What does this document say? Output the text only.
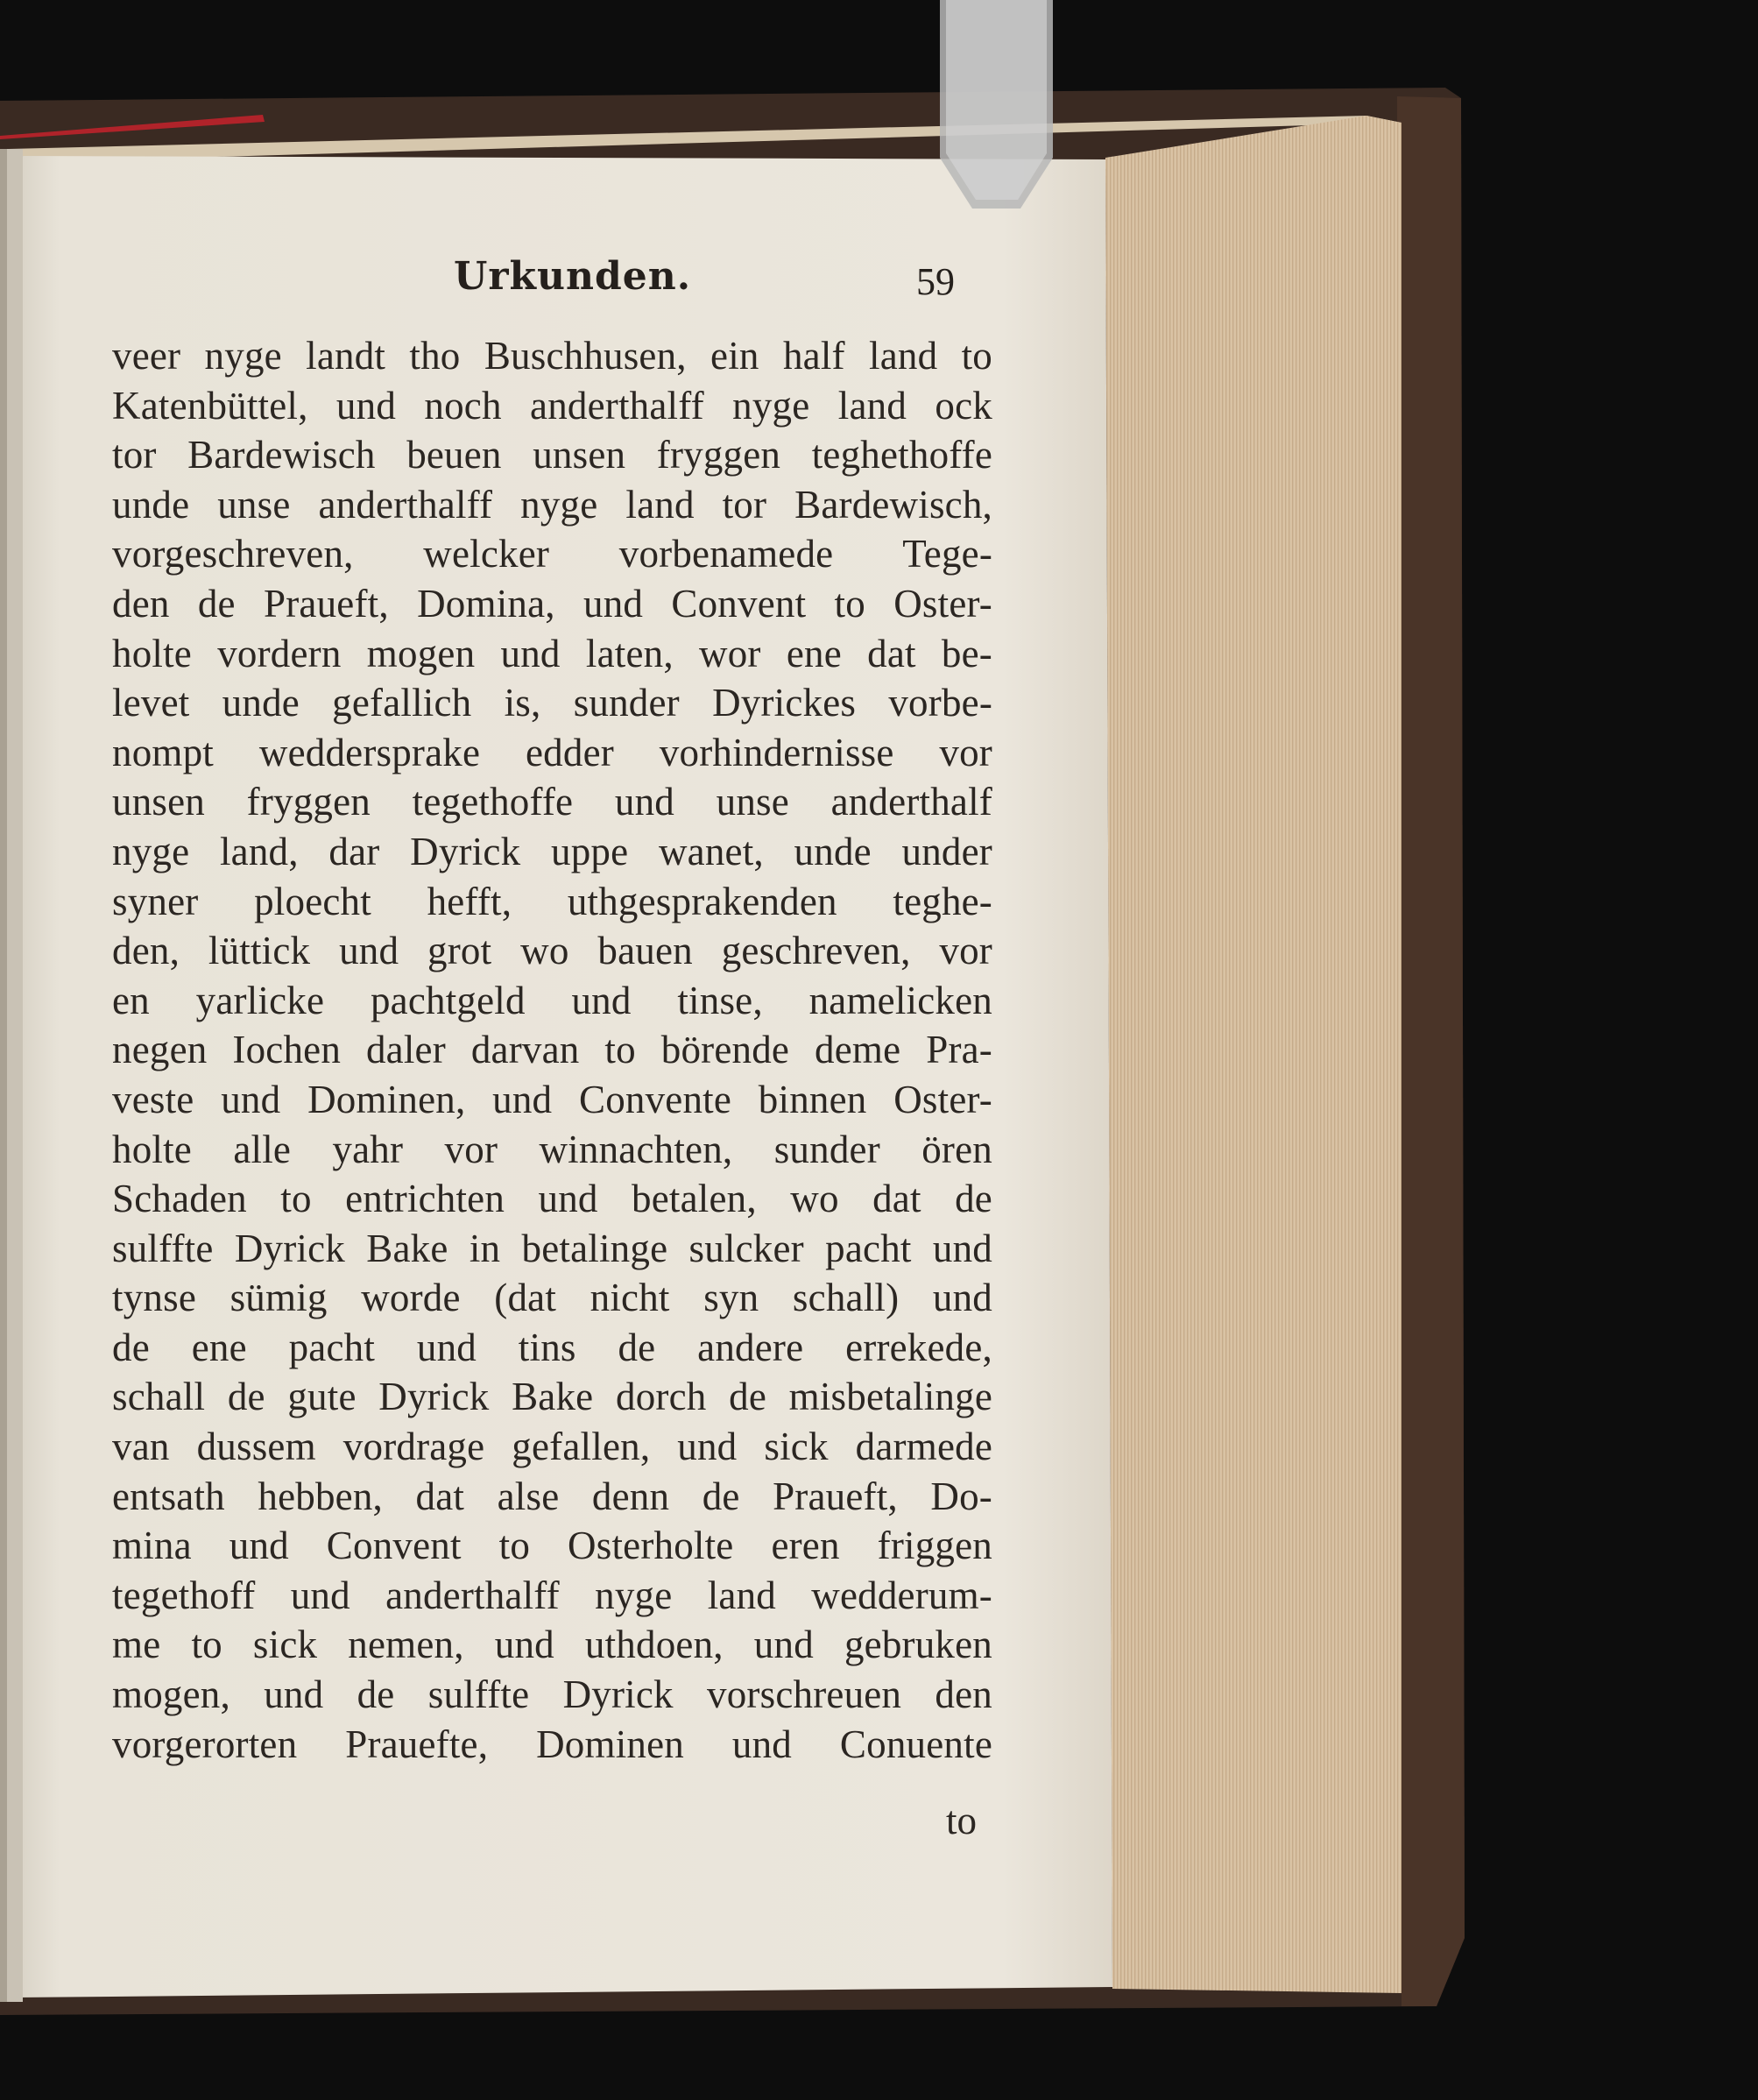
Urkunden.	59
veer nyge landt tho Buschhusen, ein half land to
Katenbüttel, und noch anderthalff nyge land ock
tor Bardewisch beuen unsen fryggen teghethoffe
unde unse anderthalff nyge land tor Bardewisch,
vorgeschreven, welcker vorbenamede Tege-
den de Praueft, Domina, und Convent to Oster-
holte vordern mogen und laten, wor ene dat be-
levet unde gefallich is, sunder Dyrickes vorbe-
nompt weddersprake edder vorhindernisse vor
unsen fryggen tegethoffe und unse anderthalf
nyge land, dar Dyrick uppe wanet, unde under
syner ploecht hefft, uthgesprakenden teghe-
den, lüttick und grot wo bauen geschreven, vor
en yarlicke pachtgeld und tinse, namelicken
negen Iochen daler darvan to börende deme Pra-
veste und Dominen, und Convente binnen Oster-
holte alle yahr vor winnachten, sunder ören
Schaden to entrichten und betalen, wo dat de
sulffte Dyrick Bake in betalinge sulcker pacht und
tynse sümig worde (dat nicht syn schall) und
de ene pacht und tins de andere errekede,
schall de gute Dyrick Bake dorch de misbetalinge
van dussem vordrage gefallen, und sick darmede
entsath hebben, dat alse denn de Praueft, Do-
mina und Convent to Osterholte eren friggen
tegethoff und anderthalff nyge land wedderum-
me to sick nemen, und uthdoen, und gebruken
mogen, und de sulffte Dyrick vorschreuen den
vorgerorten Prauefte, Dominen und Conuente
to
